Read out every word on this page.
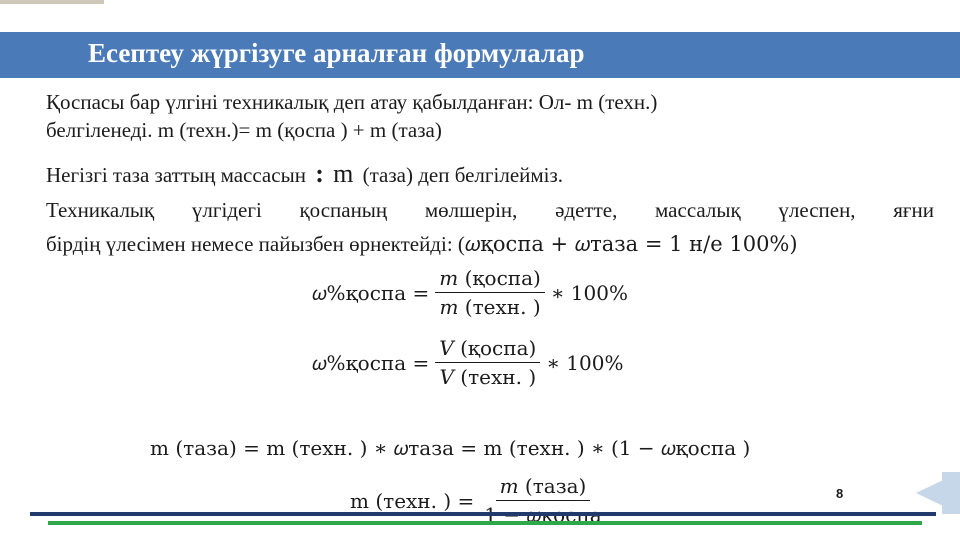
Есептеу жүргізуге арналған формулалар
Қоспасы бар үлгіні техникалық деп атау қабылданған: Ол- m (техн.)
белгіленеді. m (техн.)= m (қоспа ) + m (таза)
Негізгі таза заттың массасын : m (таза) деп белгілейміз.
Техникалық үлгідегі қоспаның мөлшерін, әдетте, массалық үлеспен, яғни
бірдің үлесімен немесе пайызбен өрнектейді: (𝜔қоспа + 𝜔таза = 1 н/е 100%)
𝜔%қоспа = $\frac{\text{𝑚 (қоспа)}}{\text{𝑚 (техн. )}}$ ∗ 100%
𝜔%қоспа = $\frac{\text{𝑉 (қоспа)}}{\text{𝑉 (техн. )}}$ ∗ 100%
m (таза) = m (техн. ) ∗ 𝜔таза = m (техн. ) ∗ (1 − 𝜔қоспа )
m (техн. ) =
𝑚 (таза)	8
